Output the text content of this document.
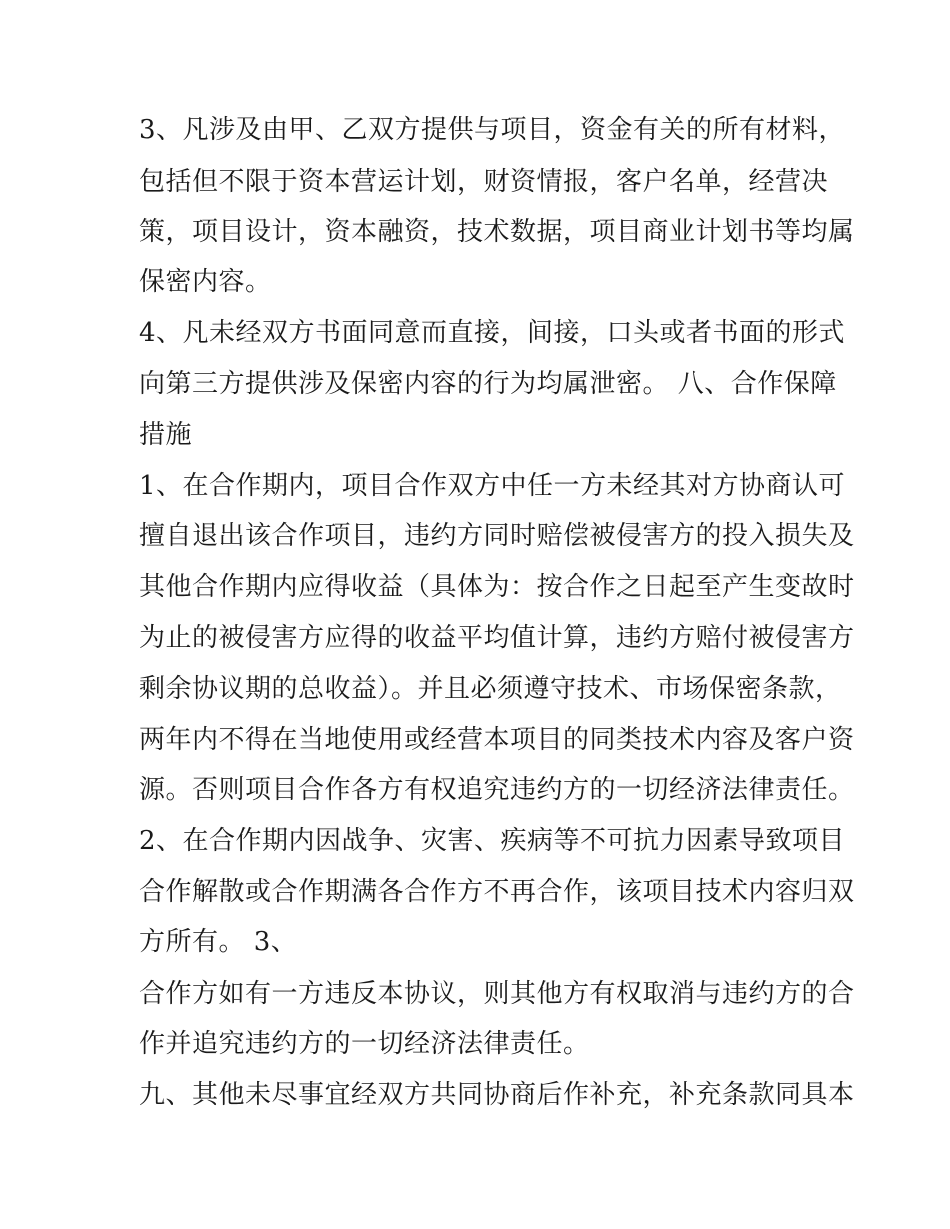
3、凡涉及由甲、乙双方提供与项目，资金有关的所有材料，
包括但不限于资本营运计划，财资情报，客户名单，经营决
策，项目设计，资本融资，技术数据，项目商业计划书等均属
保密内容。
4、凡未经双方书面同意而直接，间接，口头或者书面的形式
向第三方提供涉及保密内容的行为均属泄密。 八、合作保障
措施
1、在合作期内，项目合作双方中任一方未经其对方协商认可
擅自退出该合作项目，违约方同时赔偿被侵害方的投入损失及
其他合作期内应得收益（具体为：按合作之日起至产生变故时
为止的被侵害方应得的收益平均值计算，违约方赔付被侵害方
剩余协议期的总收益）。并且必须遵守技术、市场保密条款，
两年内不得在当地使用或经营本项目的同类技术内容及客户资
源。否则项目合作各方有权追究违约方的一切经济法律责任。
2、在合作期内因战争、灾害、疾病等不可抗力因素导致项目
合作解散或合作期满各合作方不再合作，该项目技术内容归双
方所有。 3、
合作方如有一方违反本协议，则其他方有权取消与违约方的合
作并追究违约方的一切经济法律责任。
九、其他未尽事宜经双方共同协商后作补充，补充条款同具本
